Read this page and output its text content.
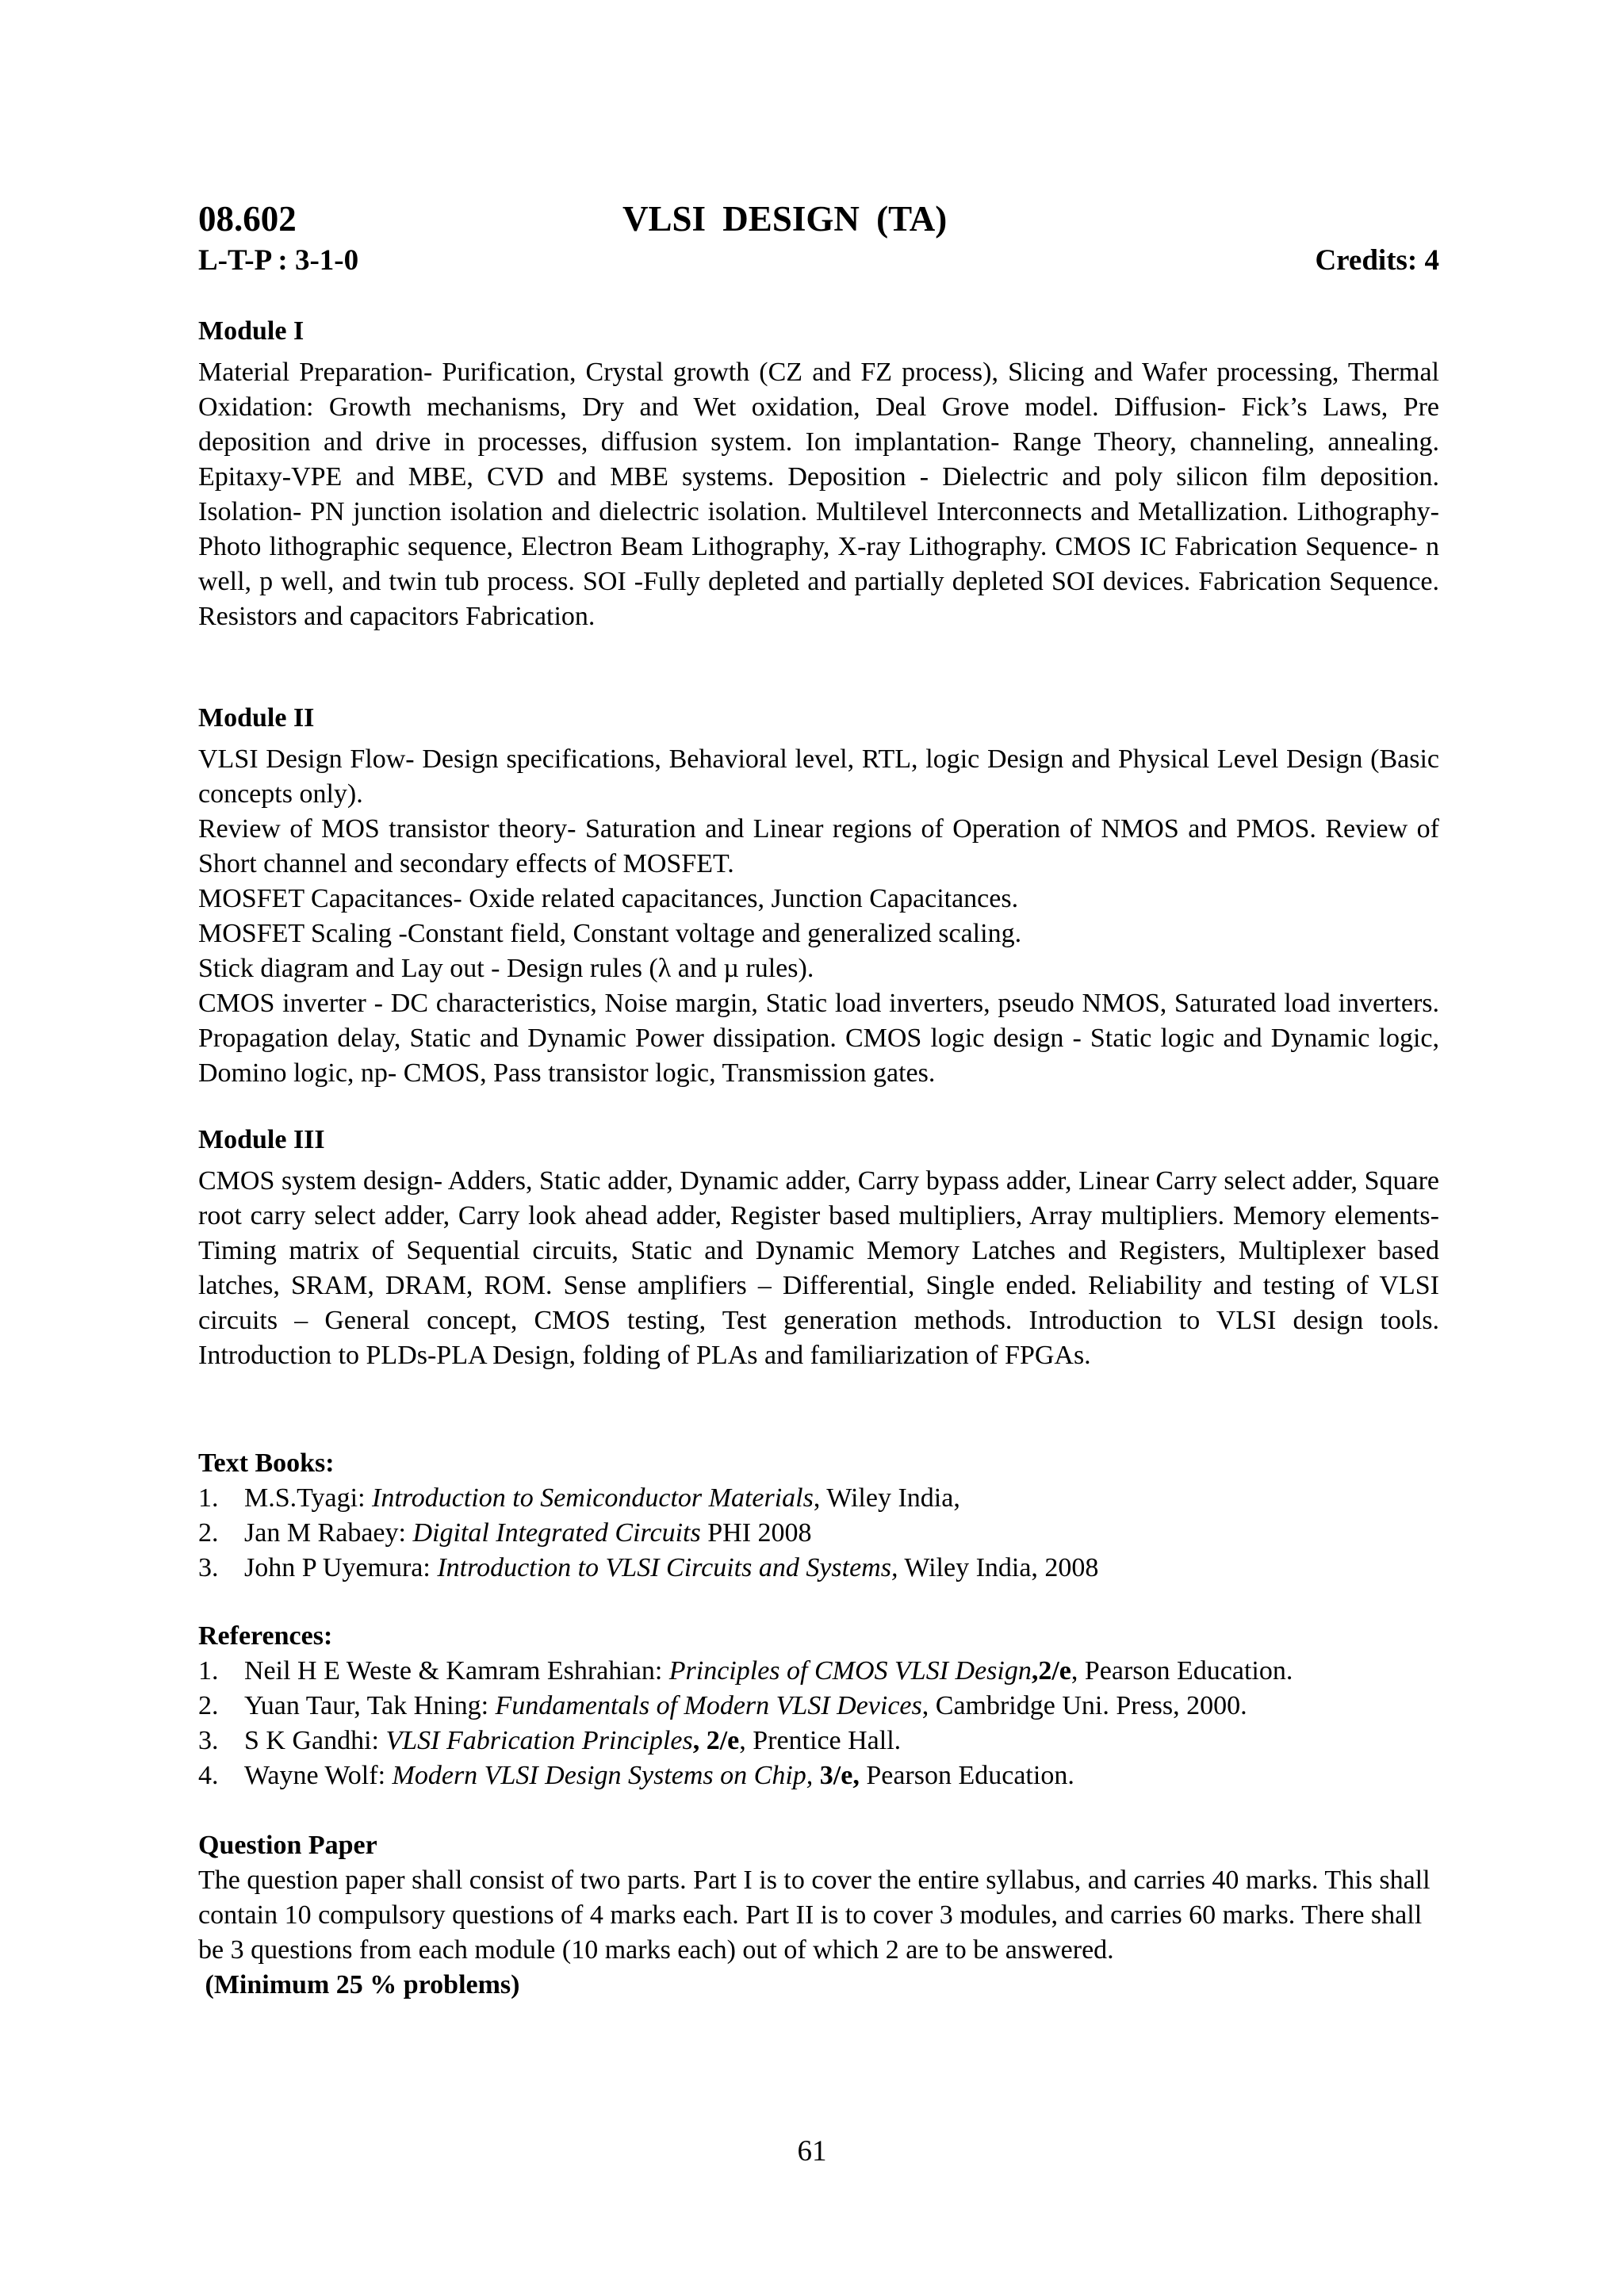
08.602	VLSI DESIGN (TA)
L-T-P : 3-1-0	Credits: 4
Module I

Material Preparation- Purification, Crystal growth (CZ and FZ process), Slicing and Wafer processing, Thermal Oxidation: Growth mechanisms, Dry and Wet oxidation, Deal Grove model. Diffusion- Fick’s Laws, Pre deposition and drive in processes, diffusion system. Ion implantation- Range Theory, channeling, annealing. Epitaxy-VPE and MBE, CVD and MBE systems. Deposition - Dielectric and poly silicon film deposition. Isolation- PN junction isolation and dielectric isolation. Multilevel Interconnects and Metallization. Lithography- Photo lithographic sequence, Electron Beam Lithography, X-ray Lithography. CMOS IC Fabrication Sequence- n well, p well, and twin tub process. SOI -Fully depleted and partially depleted SOI devices. Fabrication Sequence. Resistors and capacitors Fabrication.

Module II

VLSI Design Flow- Design specifications, Behavioral level, RTL, logic Design and Physical Level Design (Basic concepts only).

Review of MOS transistor theory- Saturation and Linear regions of Operation of NMOS and PMOS. Review of Short channel and secondary effects of MOSFET.

MOSFET Capacitances- Oxide related capacitances, Junction Capacitances.

MOSFET Scaling -Constant field, Constant voltage and generalized scaling.

Stick diagram and Lay out - Design rules (λ and µ rules).

CMOS inverter - DC characteristics, Noise margin, Static load inverters, pseudo NMOS, Saturated load inverters. Propagation delay, Static and Dynamic Power dissipation. CMOS logic design - Static logic and Dynamic logic, Domino logic, np- CMOS, Pass transistor logic, Transmission gates.

Module III

CMOS system design- Adders, Static adder, Dynamic adder, Carry bypass adder, Linear Carry select adder, Square root carry select adder, Carry look ahead adder, Register based multipliers, Array multipliers. Memory elements- Timing matrix of Sequential circuits, Static and Dynamic Memory Latches and Registers, Multiplexer based latches, SRAM, DRAM, ROM. Sense amplifiers – Differential, Single ended. Reliability and testing of VLSI circuits – General concept, CMOS testing, Test generation methods. Introduction to VLSI design tools. Introduction to PLDs-PLA Design, folding of PLAs and familiarization of FPGAs.

Text Books:
1. M.S.Tyagi: Introduction to Semiconductor Materials, Wiley India,
2. Jan M Rabaey: Digital Integrated Circuits PHI 2008
3. John P Uyemura: Introduction to VLSI Circuits and Systems, Wiley India, 2008
References:
1. Neil H E Weste & Kamram Eshrahian: Principles of CMOS VLSI Design,2/e, Pearson Education.
2. Yuan Taur, Tak Hning: Fundamentals of Modern VLSI Devices, Cambridge Uni. Press, 2000.
3. S K Gandhi: VLSI Fabrication Principles, 2/e, Prentice Hall.
4. Wayne Wolf: Modern VLSI Design Systems on Chip, 3/e, Pearson Education.
Question Paper

The question paper shall consist of two parts. Part I is to cover the entire syllabus, and carries 40 marks. This shall contain 10 compulsory questions of 4 marks each. Part II is to cover 3 modules, and carries 60 marks. There shall be 3 questions from each module (10 marks each) out of which 2 are to be answered.

(Minimum 25 % problems)

61
